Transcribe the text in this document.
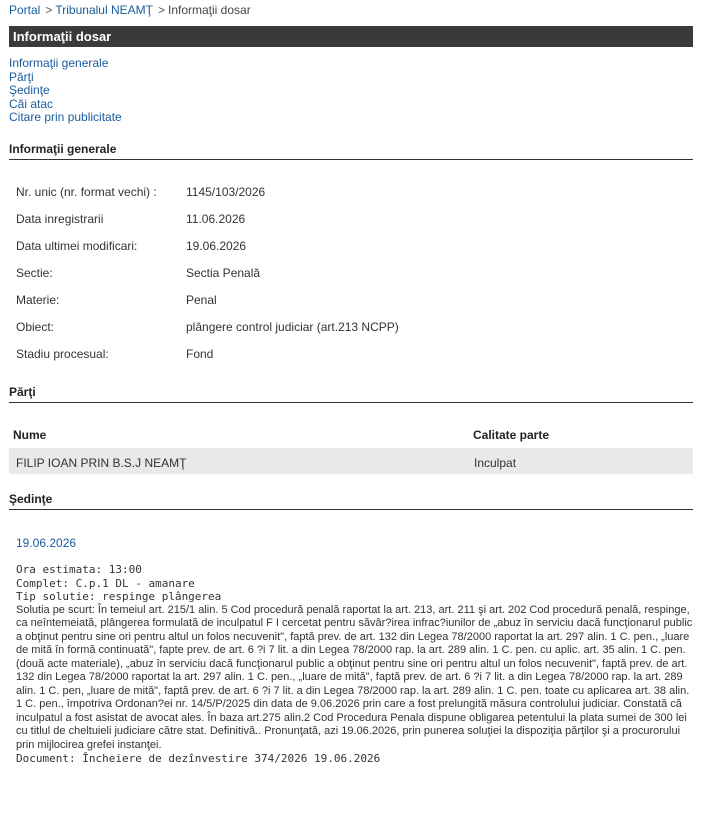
Portal > Tribunalul NEAMŢ > Informaţii dosar
Informaţii dosar
Informaţii generale
Părţi
Şedinţe
Căi atac
Citare prin publicitate
Informaţii generale
Nr. unic (nr. format vechi) : 1145/103/2026
Data inregistrarii	11.06.2026
Data ultimei modificari:	19.06.2026
Sectie:	Sectia Penală
Materie:	Penal
Obiect:	plângere control judiciar (art.213 NCPP)
Stadiu procesual:	Fond
Părţi
Nume	Calitate parte
FILIP IOAN PRIN B.S.J NEAMŢ	Inculpat
Şedinţe
19.06.2026
Ora estimata: 13:00
Complet: C.p.1 DL - amanare
Tip solutie: respinge plângerea
Solutia pe scurt: În temeiul art. 215/1 alin. 5 Cod procedură penală raportat la art. 213, art. 211 şi art. 202 Cod procedură penală, respinge, ca neîntemeiată, plângerea formulată de inculpatul F I cercetat pentru săvâr?irea infrac?iunilor de „abuz în serviciu dacă funcţionarul public a obţinut pentru sine ori pentru altul un folos necuvenit", faptă prev. de art. 132 din Legea 78/2000 raportat la art. 297 alin. 1 C. pen., „luare de mită în formă continuată", fapte prev. de art. 6 ?i 7 lit. a din Legea 78/2000 rap. la art. 289 alin. 1 C. pen. cu aplic. art. 35 alin. 1 C. pen. (două acte materiale), „abuz în serviciu dacă funcţionarul public a obţinut pentru sine ori pentru altul un folos necuvenit", faptă prev. de art. 132 din Legea 78/2000 raportat la art. 297 alin. 1 C. pen., „luare de mită", faptă prev. de art. 6 ?i 7 lit. a din Legea 78/2000 rap. la art. 289 alin. 1 C. pen, „luare de mită", faptă prev. de art. 6 ?i 7 lit. a din Legea 78/2000 rap. la art. 289 alin. 1 C. pen. toate cu aplicarea art. 38 alin. 1 C. pen., împotriva Ordonan?ei nr. 14/5/P/2025 din data de 9.06.2026 prin care a fost prelungită măsura controlului judiciar. Constată că inculpatul a fost asistat de avocat ales. În baza art.275 alin.2 Cod Procedura Penala dispune obligarea petentului la plata sumei de 300 lei cu titlul de cheltuieli judiciare către stat. Definitivă.. Pronunţată, azi 19.06.2026, prin punerea soluţiei la dispoziţia părţilor şi a procurorului prin mijlocirea grefei instanţei.
Document: Încheiere de dezînvestire 374/2026 19.06.2026
